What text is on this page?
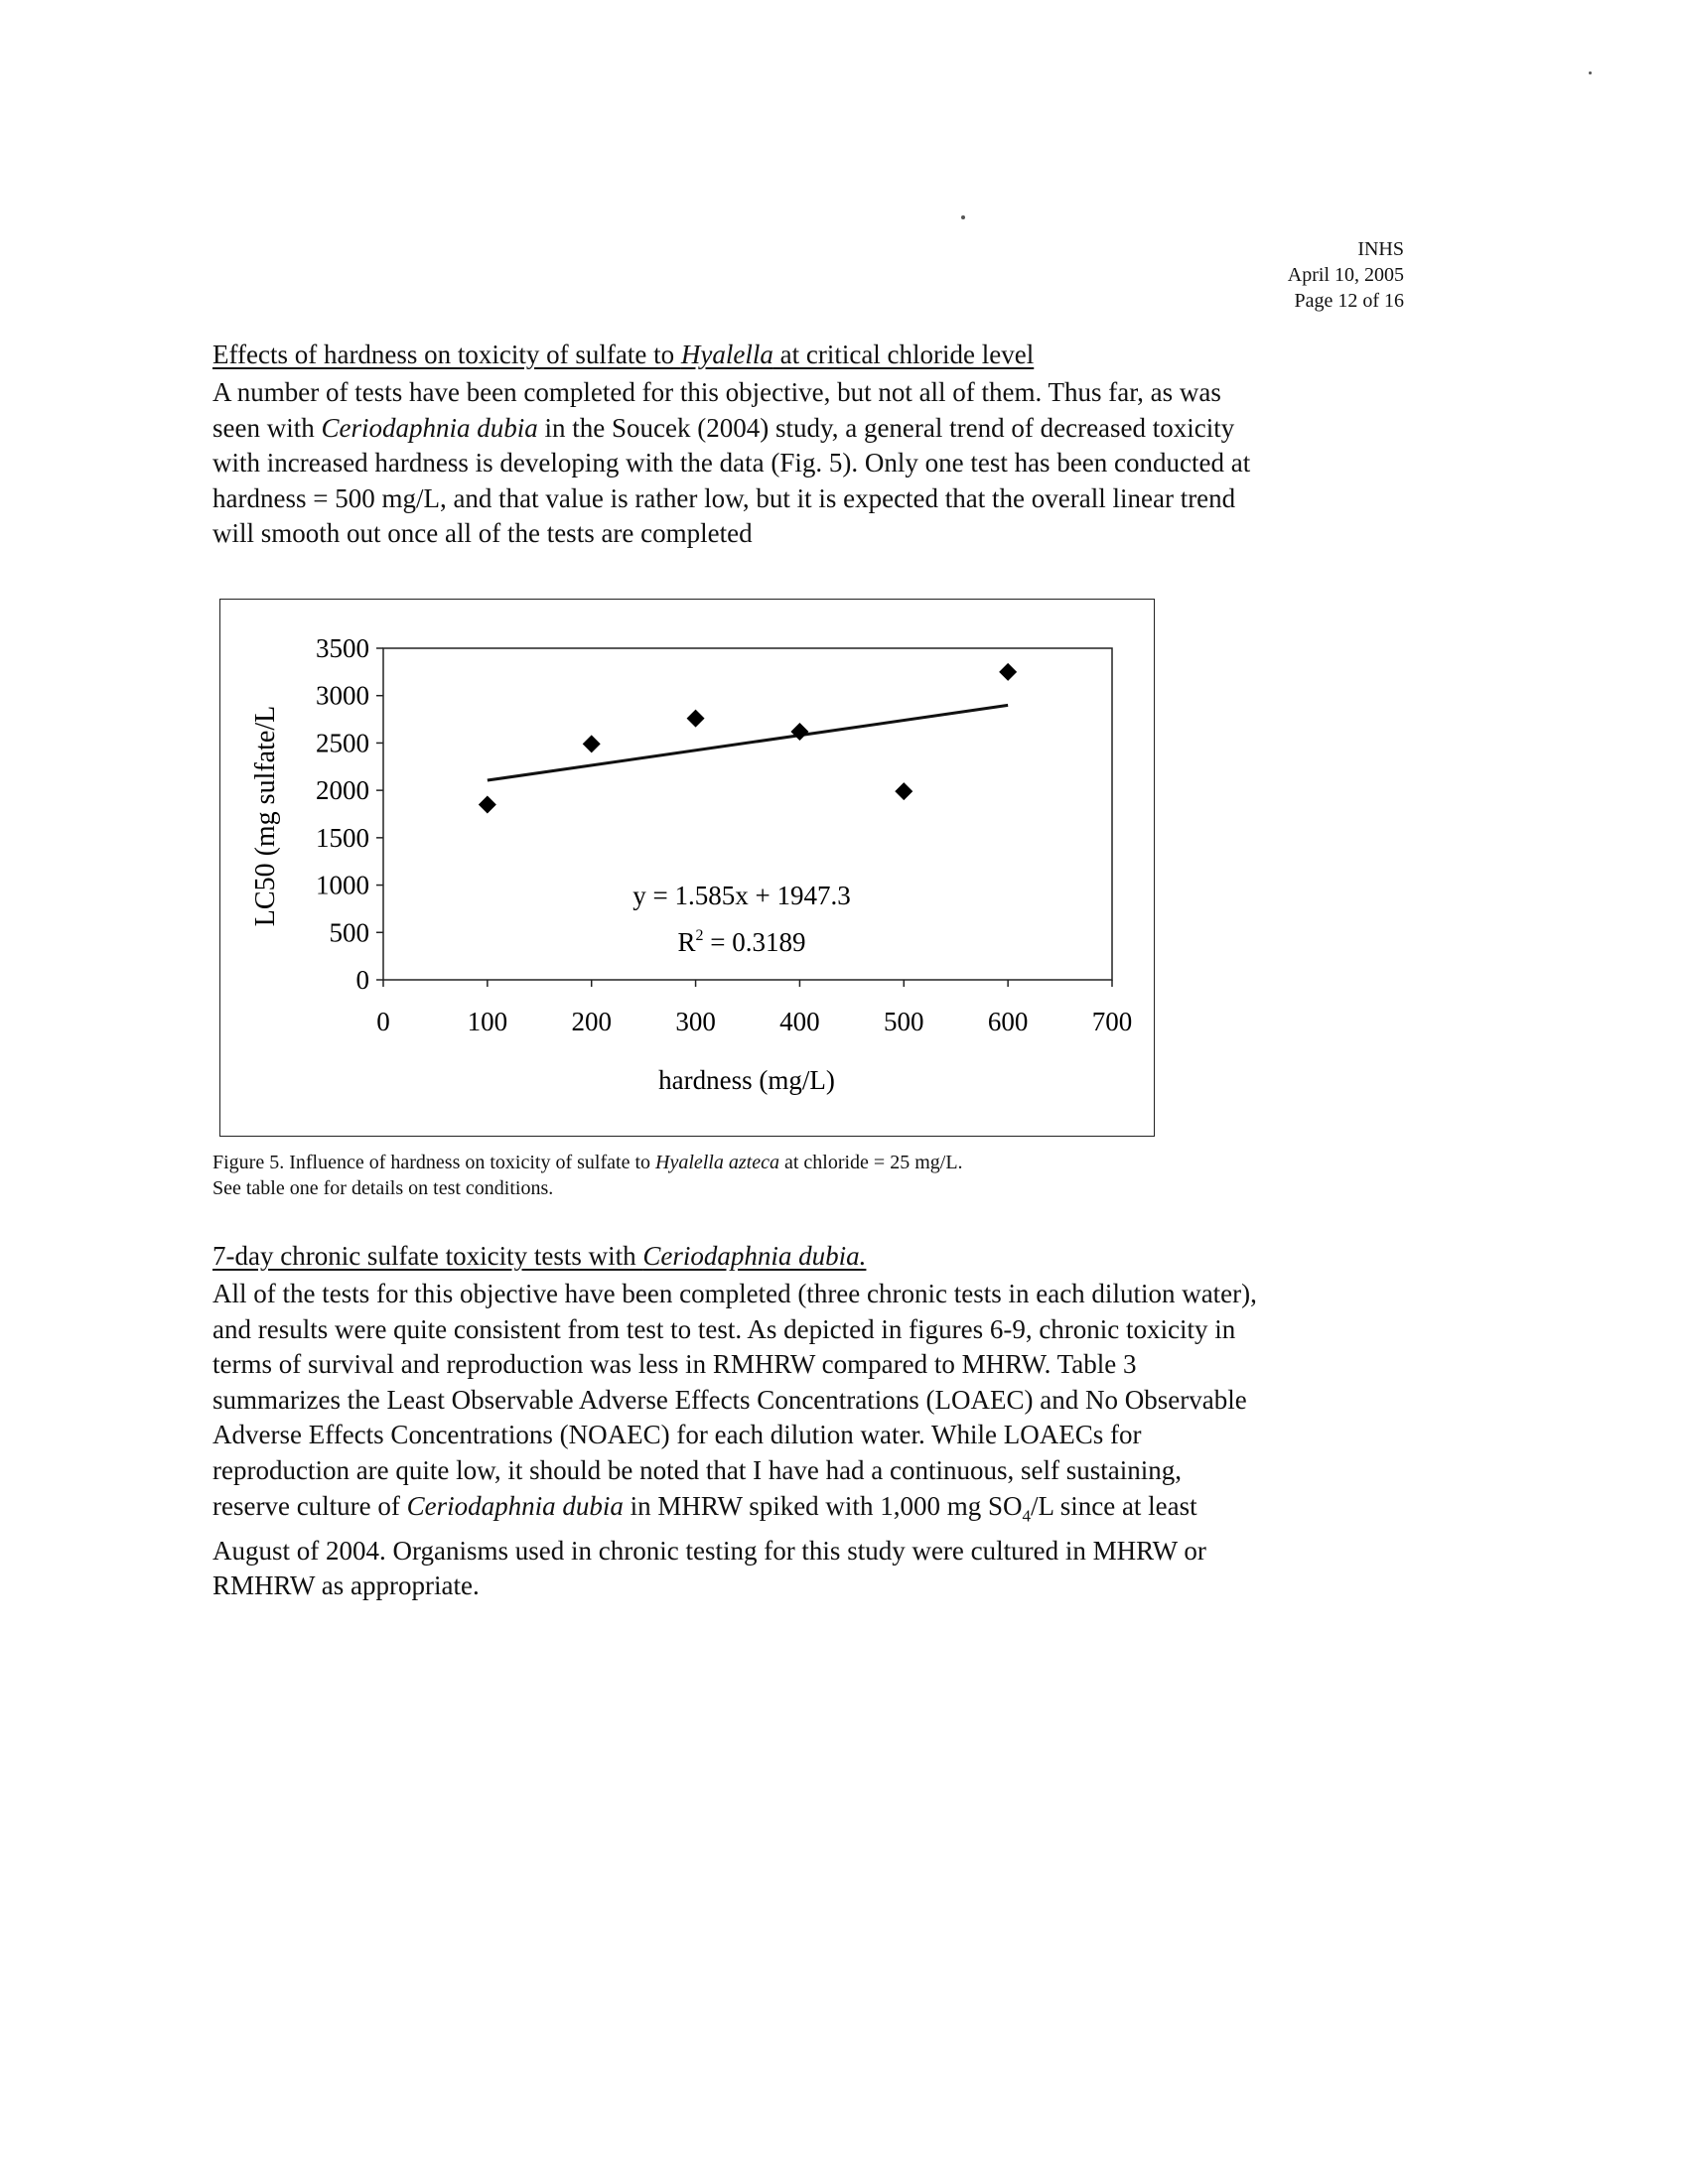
INHS
April 10, 2005
Page 12 of 16
Effects of hardness on toxicity of sulfate to Hyalella at critical chloride level

A number of tests have been completed for this objective, but not all of them. Thus far, as was

seen with Ceriodaphnia dubia in the Soucek (2004) study, a general trend of decreased toxicity

with increased hardness is developing with the data (Fig. 5). Only one test has been conducted at

hardness = 500 mg/L, and that value is rather low, but it is expected that the overall linear trend

will smooth out once all of the tests are completed

0
500
1000
1500
2000
2500
3000
3500
0	100 200 300 400 500 600 700
LC50 (mg sulfate/L
hardness (mg/L)
y = 1.585x + 1947.3
$R^2 = 0.3189$

Figure 5. Influence of hardness on toxicity of sulfate to Hyalella azteca at chloride = 25 mg/L.

See table one for details on test conditions.

7-day chronic sulfate toxicity tests with Ceriodaphnia dubia.

All of the tests for this objective have been completed (three chronic tests in each dilution water),

and results were quite consistent from test to test. As depicted in figures 6-9, chronic toxicity in

terms of survival and reproduction was less in RMHRW compared to MHRW. Table 3

summarizes the Least Observable Adverse Effects Concentrations (LOAEC) and No Observable

Adverse Effects Concentrations (NOAEC) for each dilution water. While LOAECs for

reproduction are quite low, it should be noted that I have had a continuous, self sustaining,

reserve culture of Ceriodaphnia dubia in MHRW spiked with 1,000 mg $SO_4/L$ since at least

August of 2004. Organisms used in chronic testing for this study were cultured in MHRW or

RMHRW as appropriate.
